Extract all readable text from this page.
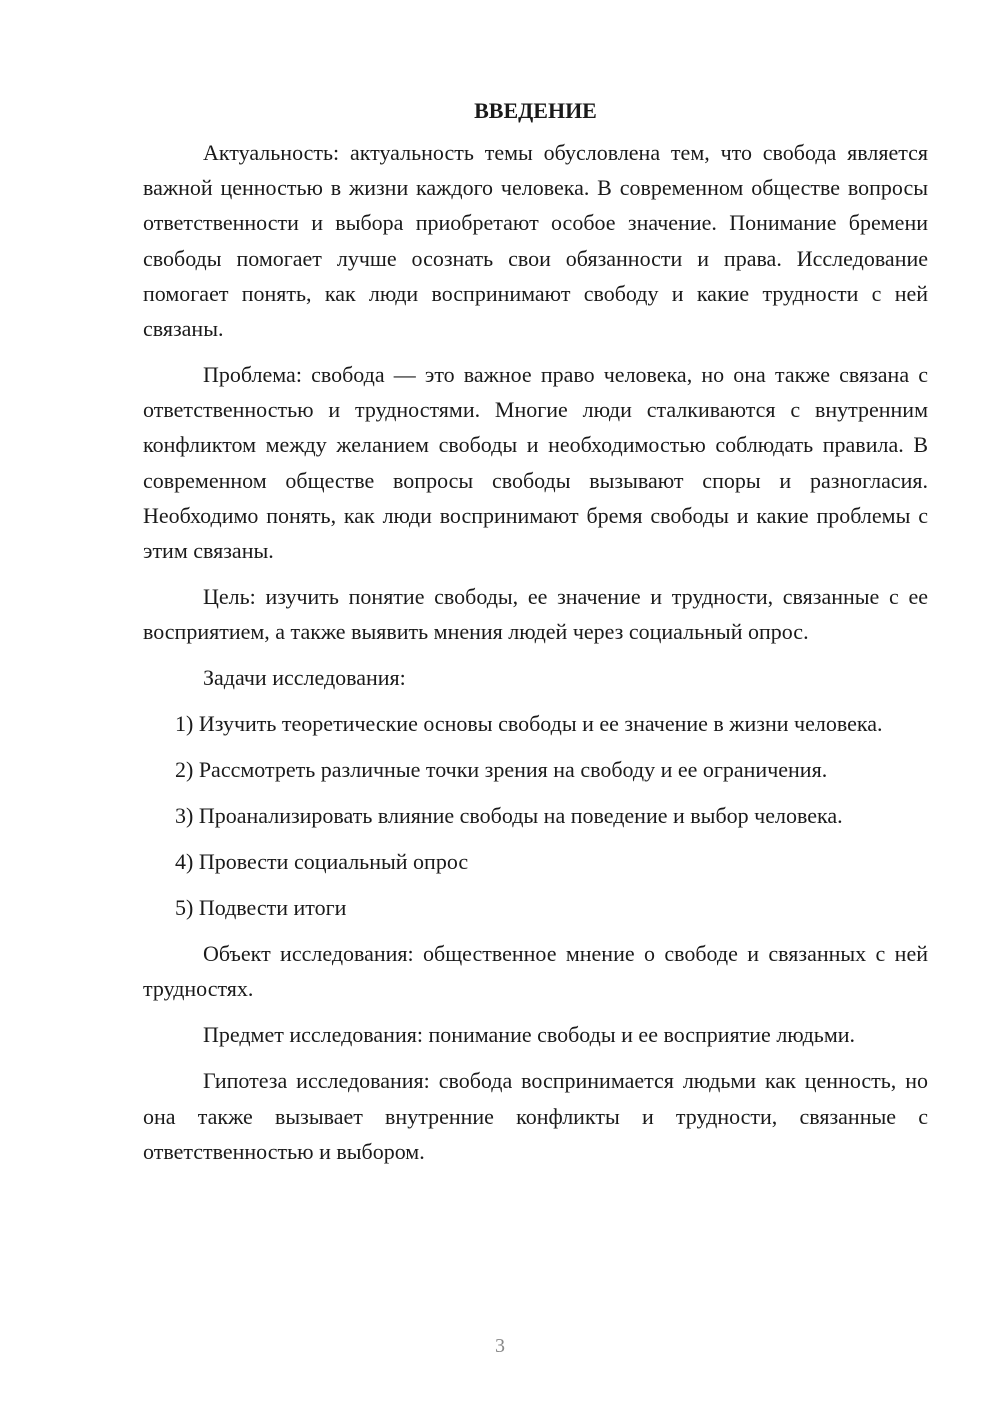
ВВЕДЕНИЕ

Актуальность: актуальность темы обусловлена тем, что свобода является важной ценностью в жизни каждого человека. В современном обществе вопросы ответственности и выбора приобретают особое значение. Понимание бремени свободы помогает лучше осознать свои обязанности и права. Исследование помогает понять, как люди воспринимают свободу и какие трудности с ней связаны.

Проблема: свобода — это важное право человека, но она также связана с ответственностью и трудностями. Многие люди сталкиваются с внутренним конфликтом между желанием свободы и необходимостью соблюдать правила. В современном обществе вопросы свободы вызывают споры и разногласия. Необходимо понять, как люди воспринимают бремя свободы и какие проблемы с этим связаны.

Цель: изучить понятие свободы, ее значение и трудности, связанные с ее восприятием, а также выявить мнения людей через социальный опрос.

Задачи исследования:

1) Изучить теоретические основы свободы и ее значение в жизни человека.

2) Рассмотреть различные точки зрения на свободу и ее ограничения.

3) Проанализировать влияние свободы на поведение и выбор человека.

4) Провести социальный опрос

5) Подвести итоги

Объект исследования: общественное мнение о свободе и связанных с ней трудностях.

Предмет исследования: понимание свободы и ее восприятие людьми.

Гипотеза исследования: свобода воспринимается людьми как ценность, но она также вызывает внутренние конфликты и трудности, связанные с ответственностью и выбором.

3
